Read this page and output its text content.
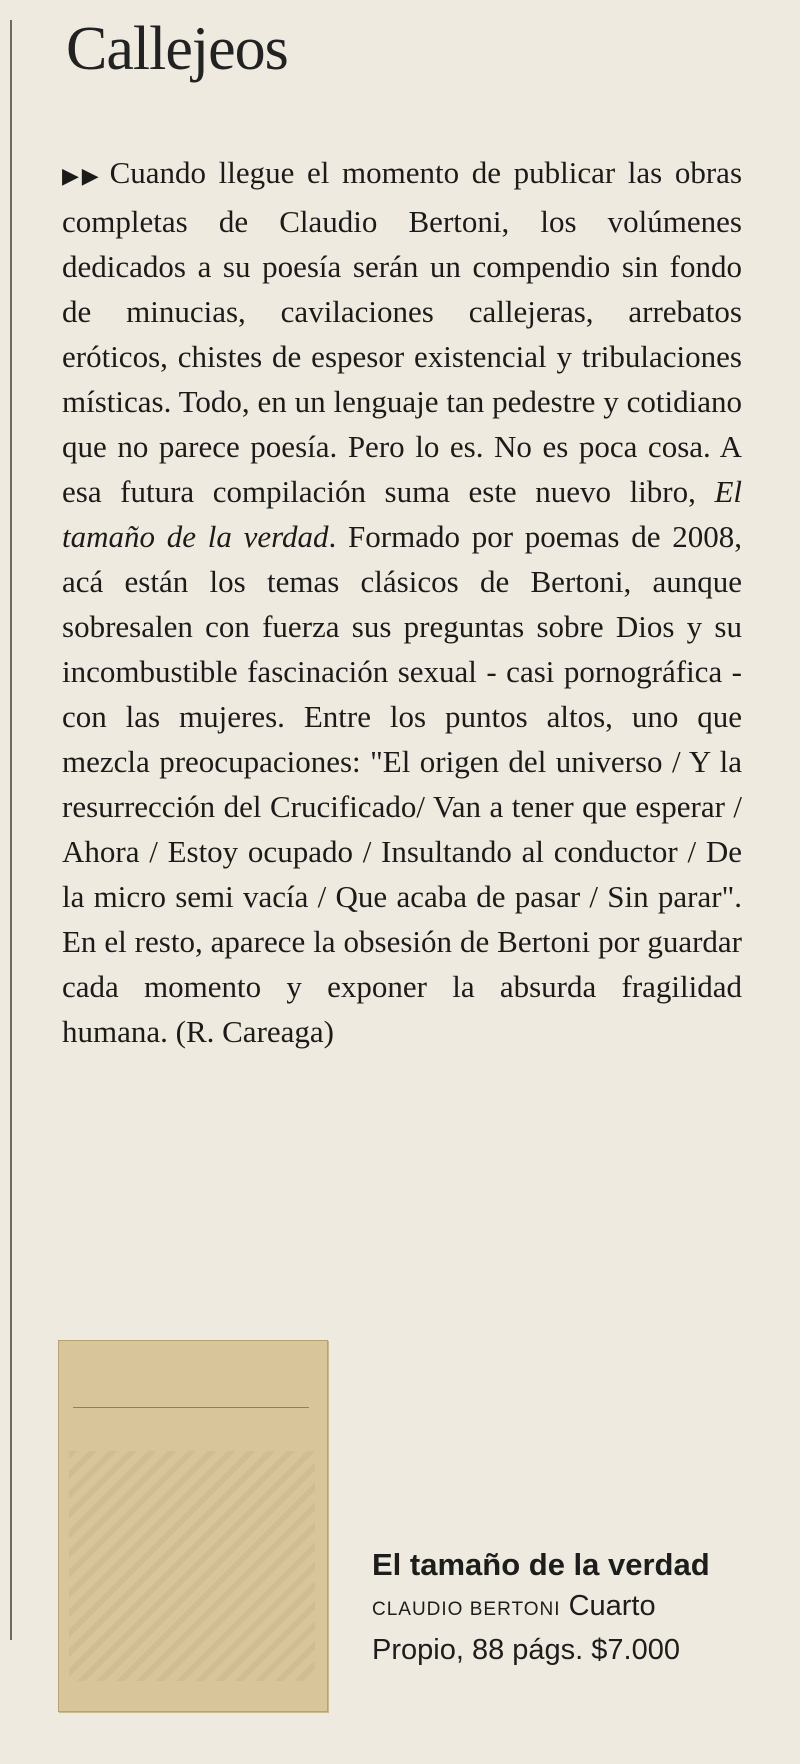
Callejeos

▶▶ Cuando llegue el momento de publicar las obras completas de Claudio Bertoni, los volúmenes dedicados a su poesía serán un compendio sin fondo de minucias, cavilaciones callejeras, arrebatos eróticos, chistes de espesor existencial y tribulaciones místicas. Todo, en un lenguaje tan pedestre y cotidiano que no parece poesía. Pero lo es. No es poca cosa. A esa futura compilación suma este nuevo libro, El tamaño de la verdad. Formado por poemas de 2008, acá están los temas clásicos de Bertoni, aunque sobresalen con fuerza sus preguntas sobre Dios y su incombustible fascinación sexual - casi pornográfica - con las mujeres. Entre los puntos altos, uno que mezcla preocupaciones: "El origen del universo / Y la resurrección del Crucificado/ Van a tener que esperar / Ahora / Estoy ocupado / Insultando al conductor / De la micro semi vacía / Que acaba de pasar / Sin parar". En el resto, aparece la obsesión de Bertoni por guardar cada momento y exponer la absurda fragilidad humana. (R. Careaga)

El tamaño de la verdad CLAUDIO BERTONI Cuarto Propio, 88 págs. $7.000
